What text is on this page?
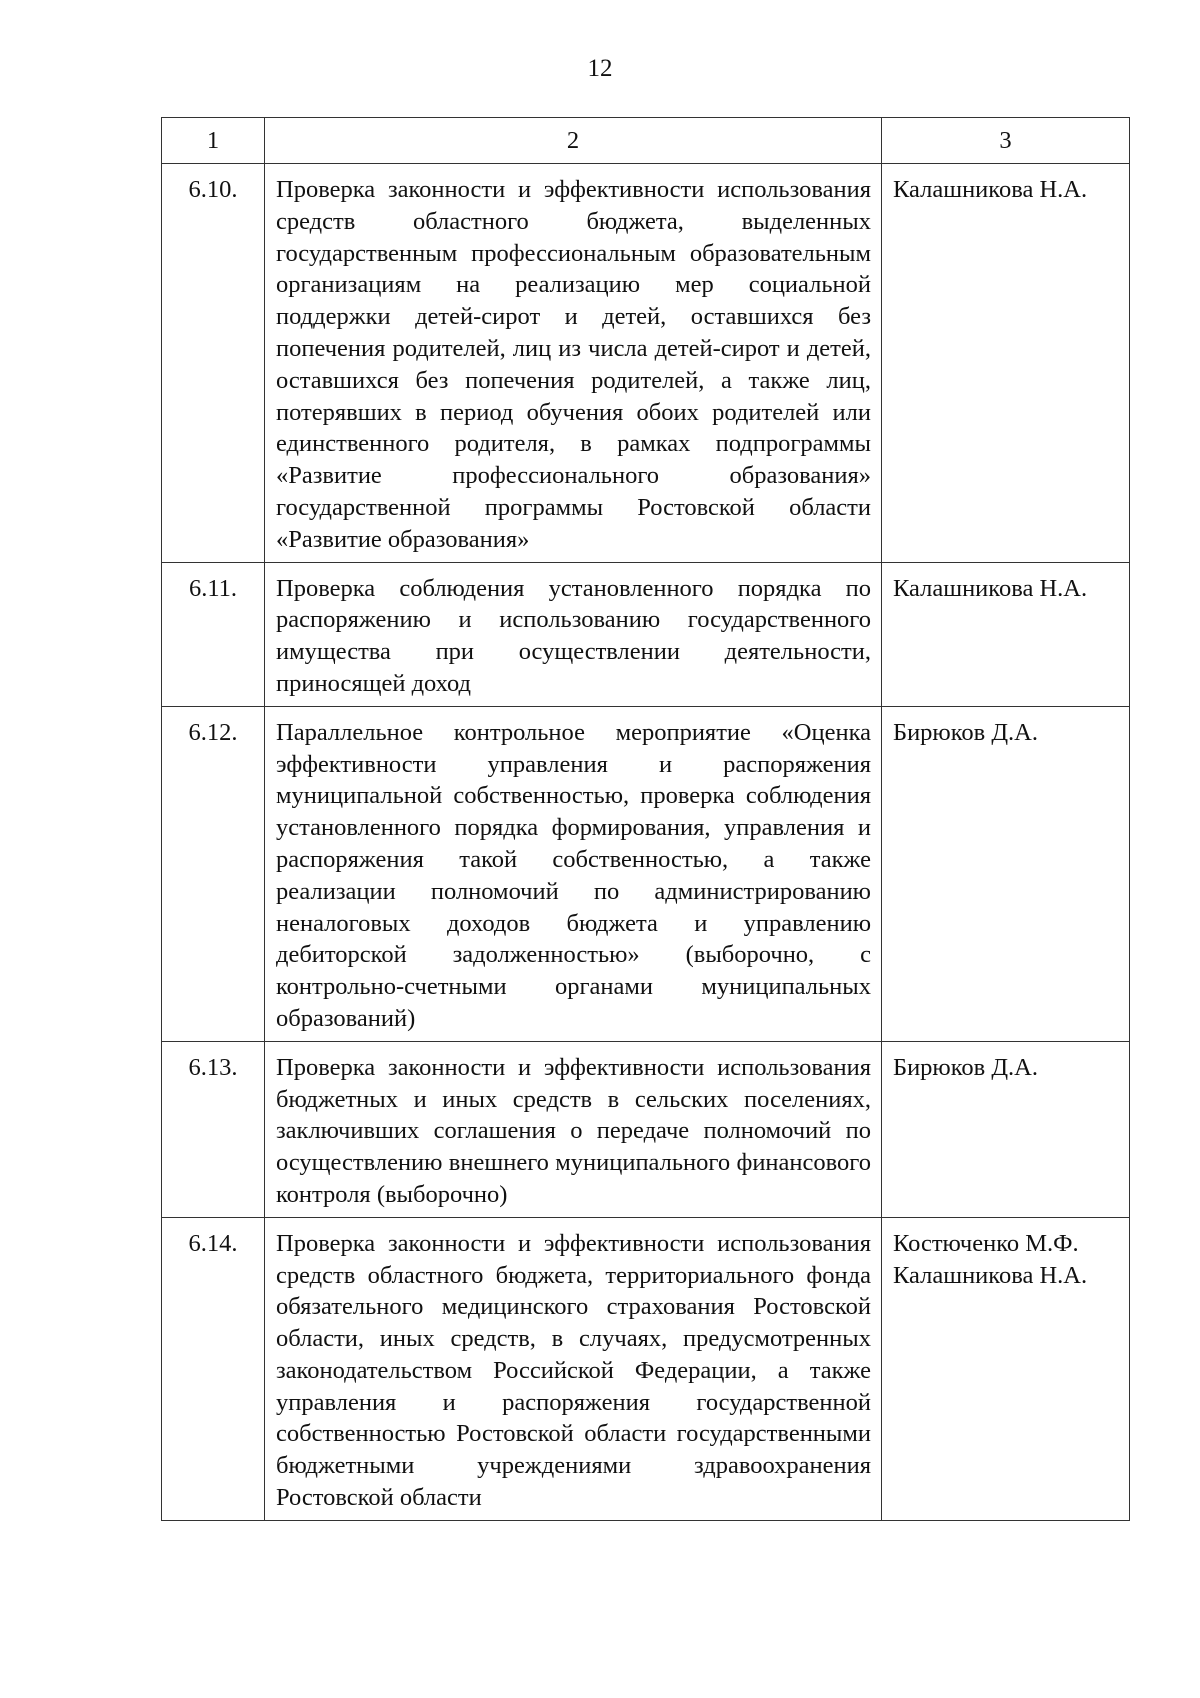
12
1	2	3
6.10.	Проверка законности и эффективности использования средств областного бюджета, выделенных государственным профессиональным образовательным организациям на реализацию мер социальной поддержки детей-сирот и детей, оставшихся без попечения родителей, лиц из числа детей-сирот и детей, оставшихся без попечения родителей, а также лиц, потерявших в период обучения обоих родителей или единственного родителя, в рамках подпрограммы «Развитие профессионального образования» государственной программы Ростовской области «Развитие образования»	Калашникова Н.А.

6.11.	Проверка соблюдения установленного порядка по распоряжению и использованию государственного имущества при осуществлении деятельности, приносящей доход	Калашникова Н.А.

6.12.	Параллельное контрольное мероприятие «Оценка эффективности управления и распоряжения муниципальной собственностью, проверка соблюдения установленного порядка формирования, управления и распоряжения такой собственностью, а также реализации полномочий по администрированию неналоговых доходов бюджета и управлению дебиторской задолженностью» (выборочно, с контрольно-счетными органами муниципальных образований)	Бирюков Д.А.

6.13.	Проверка законности и эффективности использования бюджетных и иных средств в сельских поселениях, заключивших соглашения о передаче полномочий по осуществлению внешнего муниципального финансового контроля (выборочно)	Бирюков Д.А.

6.14.	Проверка законности и эффективности использования средств областного бюджета, территориального фонда обязательного медицинского страхования Ростовской области, иных средств, в случаях, предусмотренных законодательством Российской Федерации, а также управления и распоряжения государственной собственностью Ростовской области государственными бюджетными учреждениями здравоохранения Ростовской области	Костюченко М.Ф.
Калашникова Н.А.
